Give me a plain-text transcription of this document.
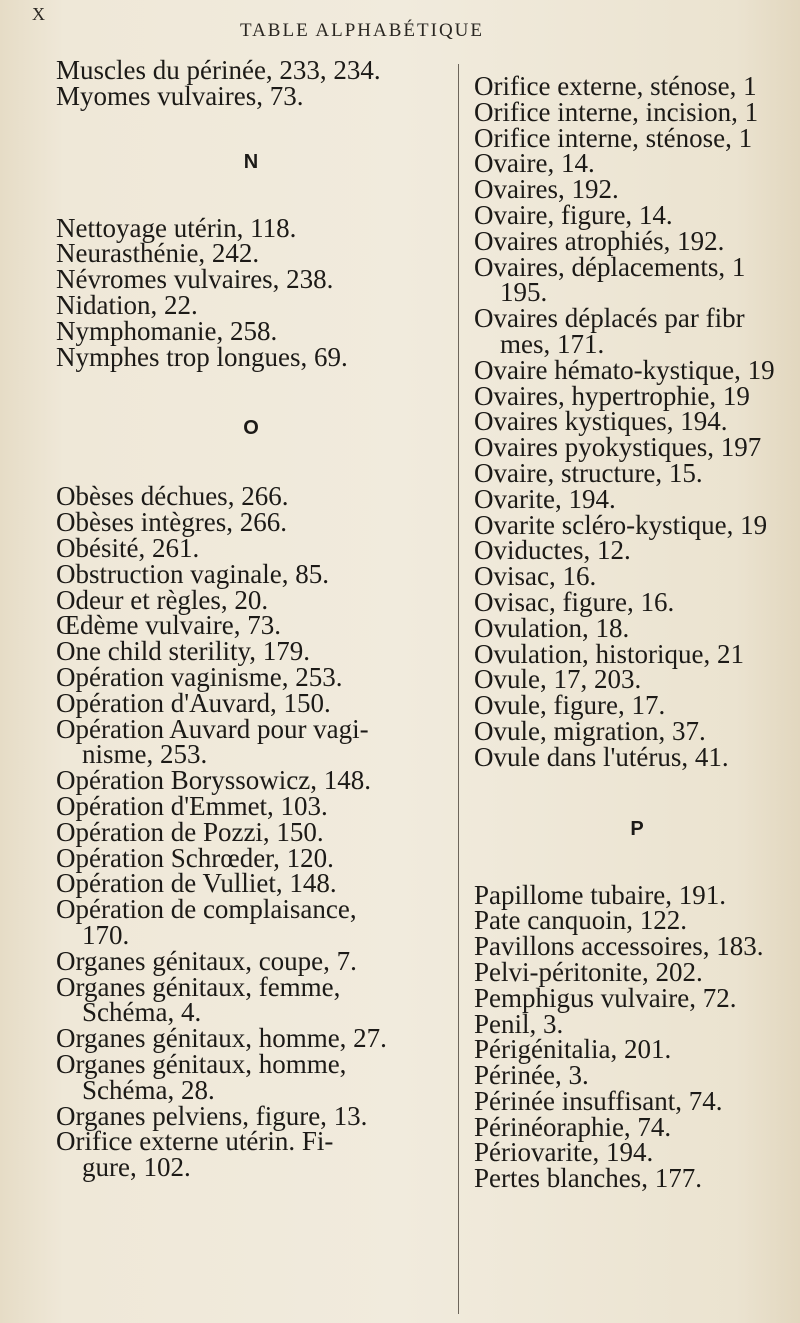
X
TABLE ALPHABÉTIQUE
Muscles du périnée, 233, 234.
Myomes vulvaires, 73.
N
Nettoyage utérin, 118.
Neurasthénie, 242.
Névromes vulvaires, 238.
Nidation, 22.
Nymphomanie, 258.
Nymphes trop longues, 69.
O
Obèses déchues, 266.
Obèses intègres, 266.
Obésité, 261.
Obstruction vaginale, 85.
Odeur et règles, 20.
Œdème vulvaire, 73.
One child sterility, 179.
Opération vaginisme, 253.
Opération d'Auvard, 150.
Opération Auvard pour vagi-
nisme, 253.
Opération Boryssowicz, 148.
Opération d'Emmet, 103.
Opération de Pozzi, 150.
Opération Schrœder, 120.
Opération de Vulliet, 148.
Opération de complaisance,
170.
Organes génitaux, coupe, 7.
Organes génitaux, femme,
Schéma, 4.
Organes génitaux, homme, 27.
Organes génitaux, homme,
Schéma, 28.
Organes pelviens, figure, 13.
Orifice externe utérin. Fi-
gure, 102.
Orifice externe, sténose, 1
Orifice interne, incision, 1
Orifice interne, sténose, 1
Ovaire, 14.
Ovaires, 192.
Ovaire, figure, 14.
Ovaires atrophiés, 192.
Ovaires, déplacements, 1
195.
Ovaires déplacés par fibr
mes, 171.
Ovaire hémato-kystique, 19
Ovaires, hypertrophie, 19
Ovaires kystiques, 194.
Ovaires pyokystiques, 197
Ovaire, structure, 15.
Ovarite, 194.
Ovarite scléro-kystique, 19
Oviductes, 12.
Ovisac, 16.
Ovisac, figure, 16.
Ovulation, 18.
Ovulation, historique, 21
Ovule, 17, 203.
Ovule, figure, 17.
Ovule, migration, 37.
Ovule dans l'utérus, 41.
P
Papillome tubaire, 191.
Pate canquoin, 122.
Pavillons accessoires, 183.
Pelvi-péritonite, 202.
Pemphigus vulvaire, 72.
Penil, 3.
Périgénitalia, 201.
Périnée, 3.
Périnée insuffisant, 74.
Périnéoraphie, 74.
Périovarite, 194.
Pertes blanches, 177.
